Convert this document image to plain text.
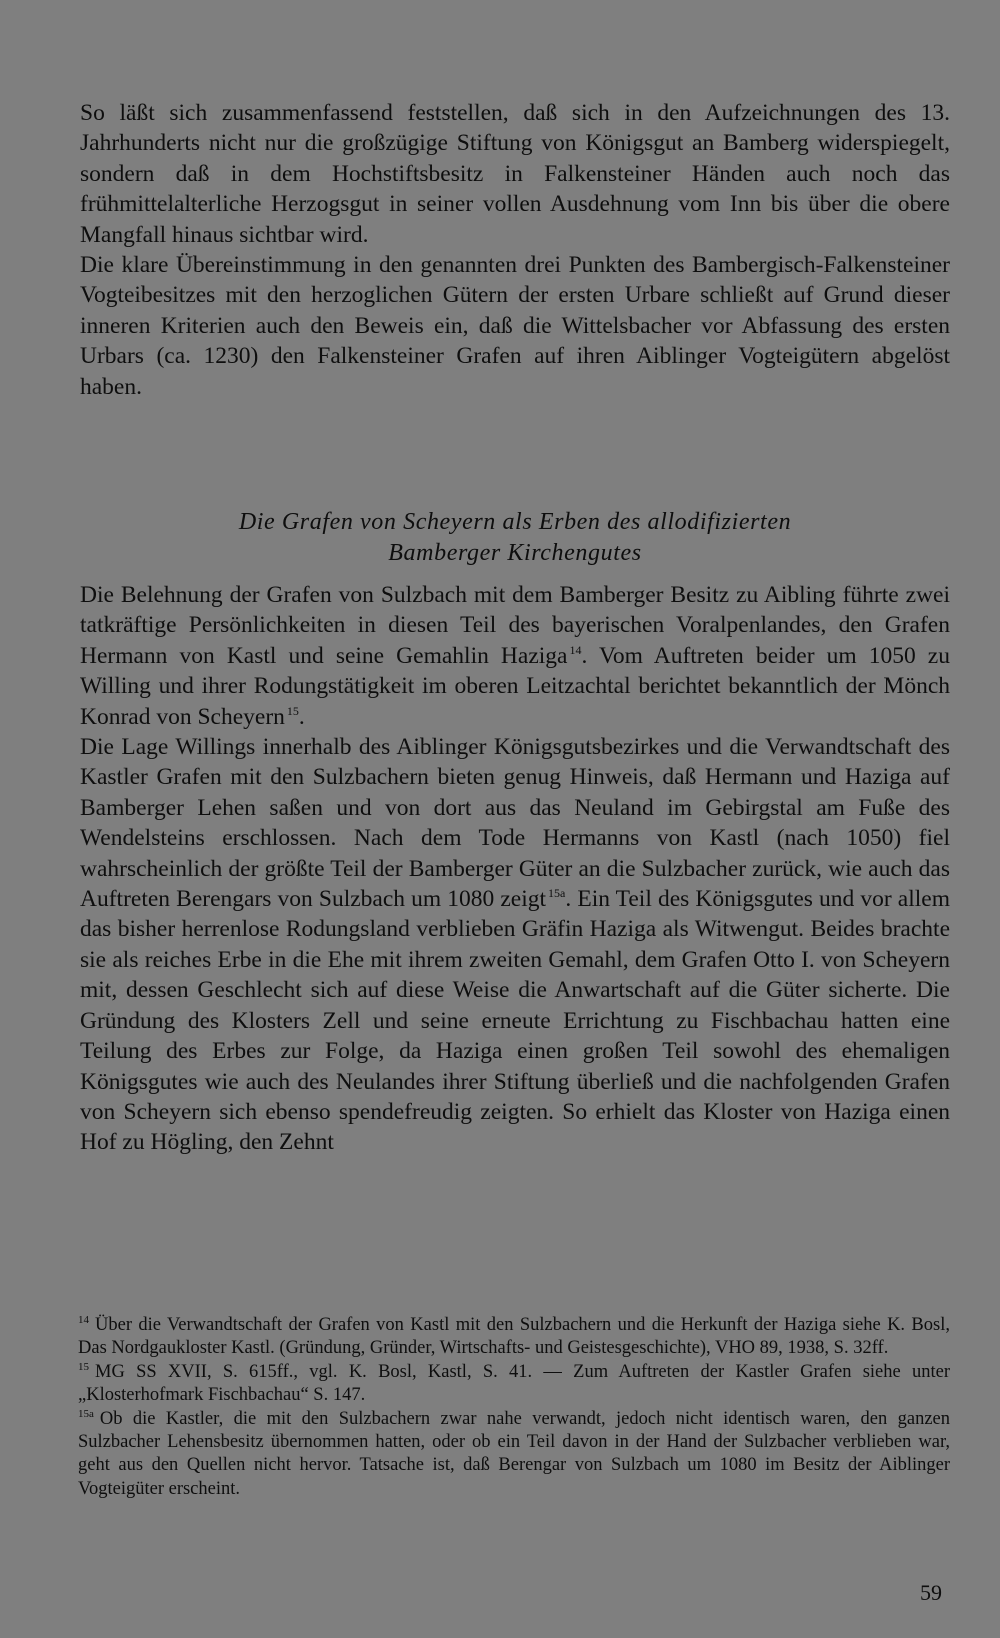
So läßt sich zusammenfassend feststellen, daß sich in den Aufzeichnungen des 13. Jahrhunderts nicht nur die großzügige Stiftung von Königsgut an Bamberg widerspiegelt, sondern daß in dem Hochstiftsbesitz in Falkensteiner Händen auch noch das frühmittelalterliche Herzogsgut in seiner vollen Ausdehnung vom Inn bis über die obere Mangfall hinaus sichtbar wird.

Die klare Übereinstimmung in den genannten drei Punkten des Bambergisch-Falkensteiner Vogteibesitzes mit den herzoglichen Gütern der ersten Urbare schließt auf Grund dieser inneren Kriterien auch den Beweis ein, daß die Wittelsbacher vor Abfassung des ersten Urbars (ca. 1230) den Falkensteiner Grafen auf ihren Aiblinger Vogteigütern abgelöst haben.

Die Grafen von Scheyern als Erben des allodifizierten
Bamberger Kirchengutes

Die Belehnung der Grafen von Sulzbach mit dem Bamberger Besitz zu Aibling führte zwei tatkräftige Persönlichkeiten in diesen Teil des bayerischen Voralpenlandes, den Grafen Hermann von Kastl und seine Gemahlin Haziga $^{14}$. Vom Auftreten beider um 1050 zu Willing und ihrer Rodungstätigkeit im oberen Leitzachtal berichtet bekanntlich der Mönch Konrad von Scheyern $^{15}$.

Die Lage Willings innerhalb des Aiblinger Königsgutsbezirkes und die Verwandtschaft des Kastler Grafen mit den Sulzbachern bieten genug Hinweis, daß Hermann und Haziga auf Bamberger Lehen saßen und von dort aus das Neuland im Gebirgstal am Fuße des Wendelsteins erschlossen. Nach dem Tode Hermanns von Kastl (nach 1050) fiel wahrscheinlich der größte Teil der Bamberger Güter an die Sulzbacher zurück, wie auch das Auftreten Berengars von Sulzbach um 1080 zeigt $^{15a}$. Ein Teil des Königsgutes und vor allem das bisher herrenlose Rodungsland verblieben Gräfin Haziga als Witwengut. Beides brachte sie als reiches Erbe in die Ehe mit ihrem zweiten Gemahl, dem Grafen Otto I. von Scheyern mit, dessen Geschlecht sich auf diese Weise die Anwartschaft auf die Güter sicherte. Die Gründung des Klosters Zell und seine erneute Errichtung zu Fischbachau hatten eine Teilung des Erbes zur Folge, da Haziga einen großen Teil sowohl des ehemaligen Königsgutes wie auch des Neulandes ihrer Stiftung überließ und die nachfolgenden Grafen von Scheyern sich ebenso spendefreudig zeigten. So erhielt das Kloster von Haziga einen Hof zu Högling, den Zehnt

$^{14}$ Über die Verwandtschaft der Grafen von Kastl mit den Sulzbachern und die Herkunft der Haziga siehe K. Bosl, Das Nordgaukloster Kastl. (Gründung, Gründer, Wirtschafts- und Geistesgeschichte), VHO 89, 1938, S. 32ff.

$^{15}$ MG SS XVII, S. 615ff., vgl. K. Bosl, Kastl, S. 41. — Zum Auftreten der Kastler Grafen siehe unter „Klosterhofmark Fischbachau“ S. 147.

$^{15a}$ Ob die Kastler, die mit den Sulzbachern zwar nahe verwandt, jedoch nicht identisch waren, den ganzen Sulzbacher Lehensbesitz übernommen hatten, oder ob ein Teil davon in der Hand der Sulzbacher verblieben war, geht aus den Quellen nicht hervor. Tatsache ist, daß Berengar von Sulzbach um 1080 im Besitz der Aiblinger Vogteigüter erscheint.

59
